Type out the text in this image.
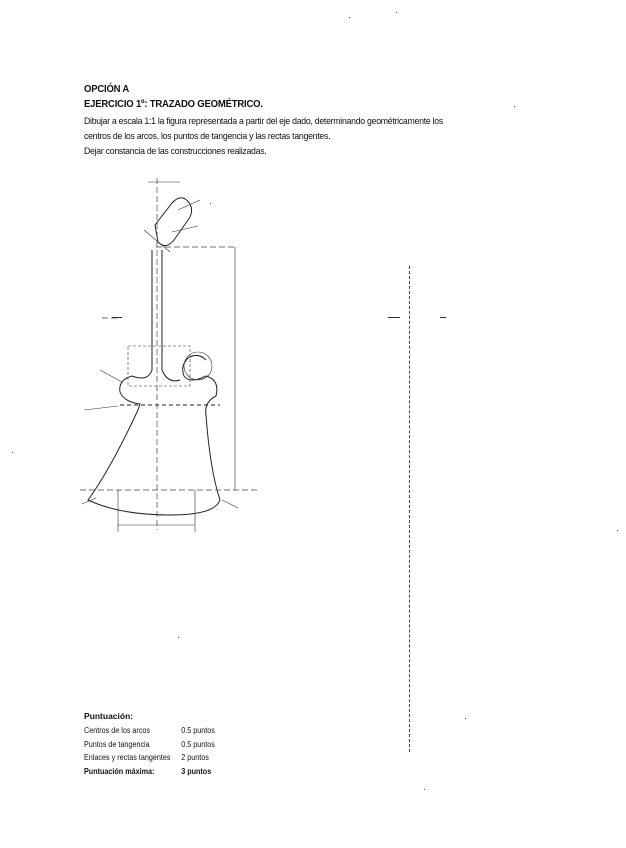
OPCIÓN A
EJERCICIO 1º: TRAZADO GEOMÉTRICO.
Dibujar a escala 1:1 la figura representada a partir del eje dado, determinando geométricamente los
centros de los arcos, los puntos de tangencia y las rectas tangentes.
Dejar constancia de las construcciones realizadas.
Puntuación:
Centros de los arcos	0.5 puntos
Puntos de tangencia	0.5 puntos
Enlaces y rectas tangentes 2 puntos
Puntuación máxima:	3 puntos
